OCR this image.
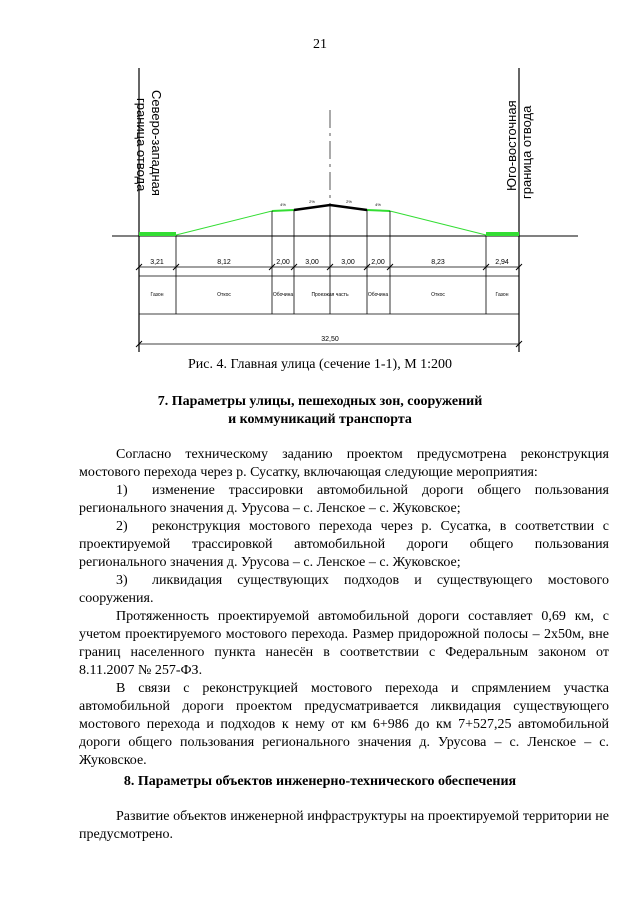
21
Северо-западная
граница отвода	Юго-восточная граница отвода
4%
2%	2%
4%
3,21	8,12	2,00 3,00	3,00 2,00	8,23	2,94
Газон	Откос	Обочина	Проезжая часть	Обочина	Откос	Газон
32,50
Рис. 4. Главная улица (сечение 1-1), М 1:200
7. Параметры улицы, пешеходных зон, сооружений
и коммуникаций транспорта

Согласно техническому заданию проектом предусмотрена реконструкция мостового перехода через р. Сусатку, включающая следующие мероприятия:

1) изменение трассировки автомобильной дороги общего пользования регионального значения д. Урусова – с. Ленское – с. Жуковское;

2) реконструкция мостового перехода через р. Сусатка, в соответствии с проектируемой трассировкой автомобильной дороги общего пользования регионального значения д. Урусова – с. Ленское – с. Жуковское;

3) ликвидация существующих подходов и существующего мостового сооружения.

Протяженность проектируемой автомобильной дороги составляет 0,69 км, с учетом проектируемого мостового перехода. Размер придорожной полосы – 2х50м, вне границ населенного пункта нанесён в соответствии с Федеральным законом от 8.11.2007 № 257-ФЗ.

В связи с реконструкцией мостового перехода и спрямлением участка автомобильной дороги проектом предусматривается ликвидация существующего мостового перехода и подходов к нему от км 6+986 до км 7+527,25 автомобильной дороги общего пользования регионального значения д. Урусова – с. Ленское – с. Жуковское.

8. Параметры объектов инженерно-технического обеспечения

Развитие объектов инженерной инфраструктуры на проектируемой территории не предусмотрено.
